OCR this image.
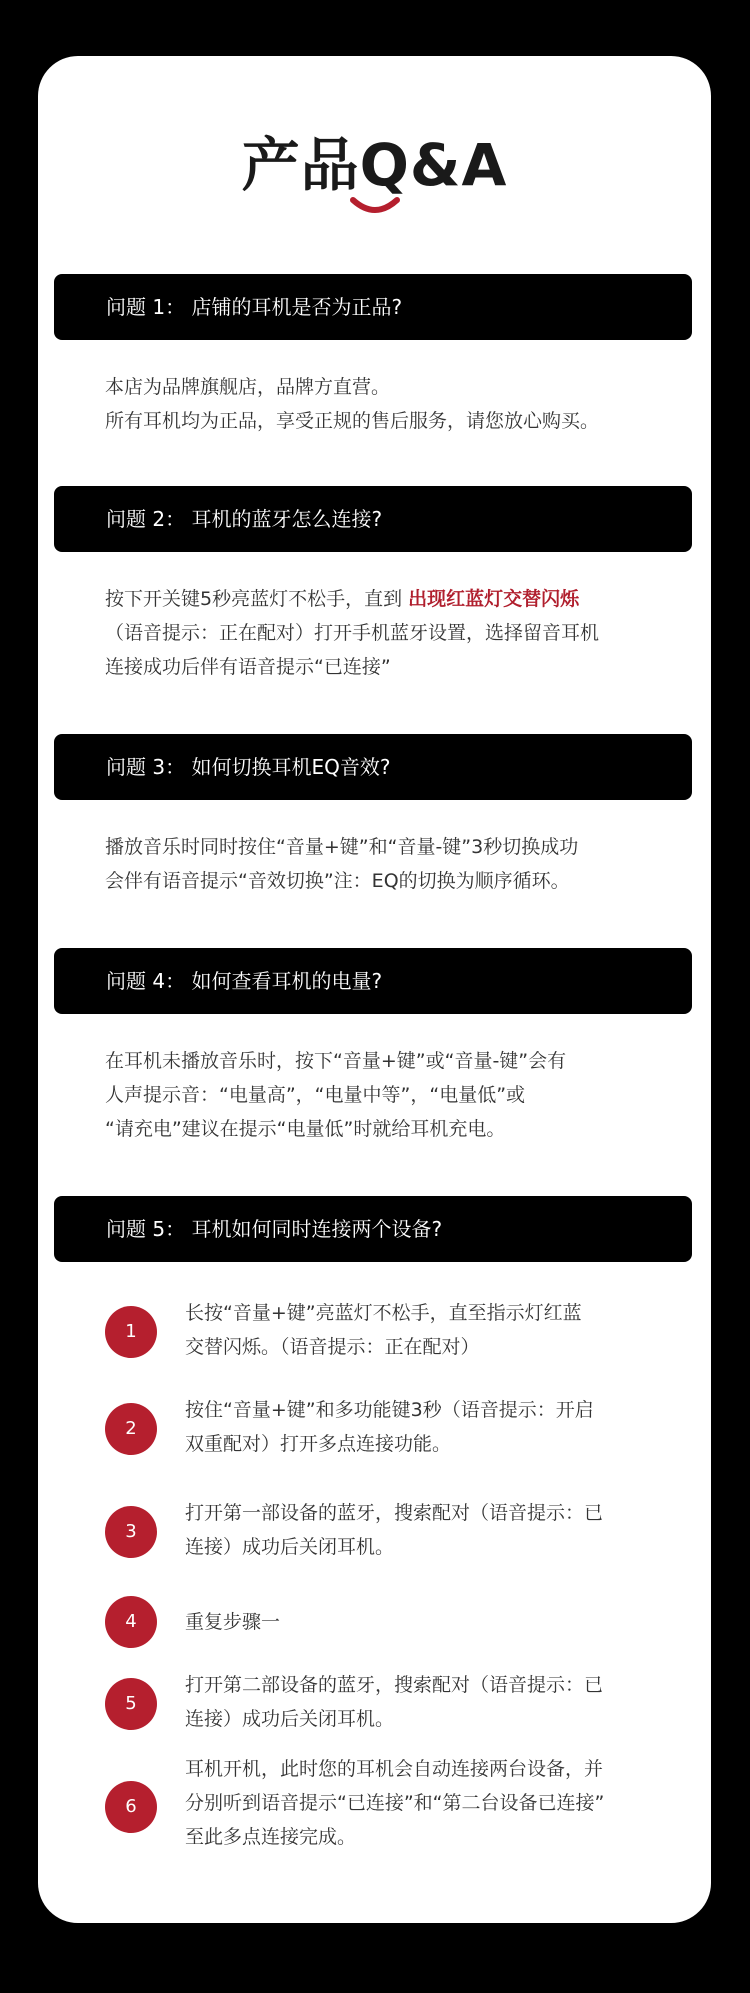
产品Q&A
问题 1： 店铺的耳机是否为正品?
本店为品牌旗舰店，品牌方直营。
所有耳机均为正品，享受正规的售后服务，请您放心购买。
问题 2： 耳机的蓝牙怎么连接?
按下开关键5秒亮蓝灯不松手，直到 出现红蓝灯交替闪烁
（语音提示：正在配对）打开手机蓝牙设置，选择留音耳机
连接成功后伴有语音提示“已连接”
问题 3： 如何切换耳机EQ音效?
播放音乐时同时按住“音量+键”和“音量-键”3秒切换成功
会伴有语音提示“音效切换”注：EQ的切换为顺序循环。
问题 4： 如何查看耳机的电量?
在耳机未播放音乐时，按下“音量+键”或“音量-键”会有
人声提示音：“电量高”，“电量中等”，“电量低”或
“请充电”建议在提示“电量低”时就给耳机充电。
问题 5： 耳机如何同时连接两个设备?
1
长按“音量+键”亮蓝灯不松手，直至指示灯红蓝
交替闪烁。（语音提示：正在配对）
2
按住“音量+键”和多功能键3秒（语音提示：开启
双重配对）打开多点连接功能。
3
打开第一部设备的蓝牙，搜索配对（语音提示：已
连接）成功后关闭耳机。
4	重复步骤一
5
打开第二部设备的蓝牙，搜索配对（语音提示：已
连接）成功后关闭耳机。
6
耳机开机，此时您的耳机会自动连接两台设备，并
分别听到语音提示“已连接”和“第二台设备已连接”
至此多点连接完成。
